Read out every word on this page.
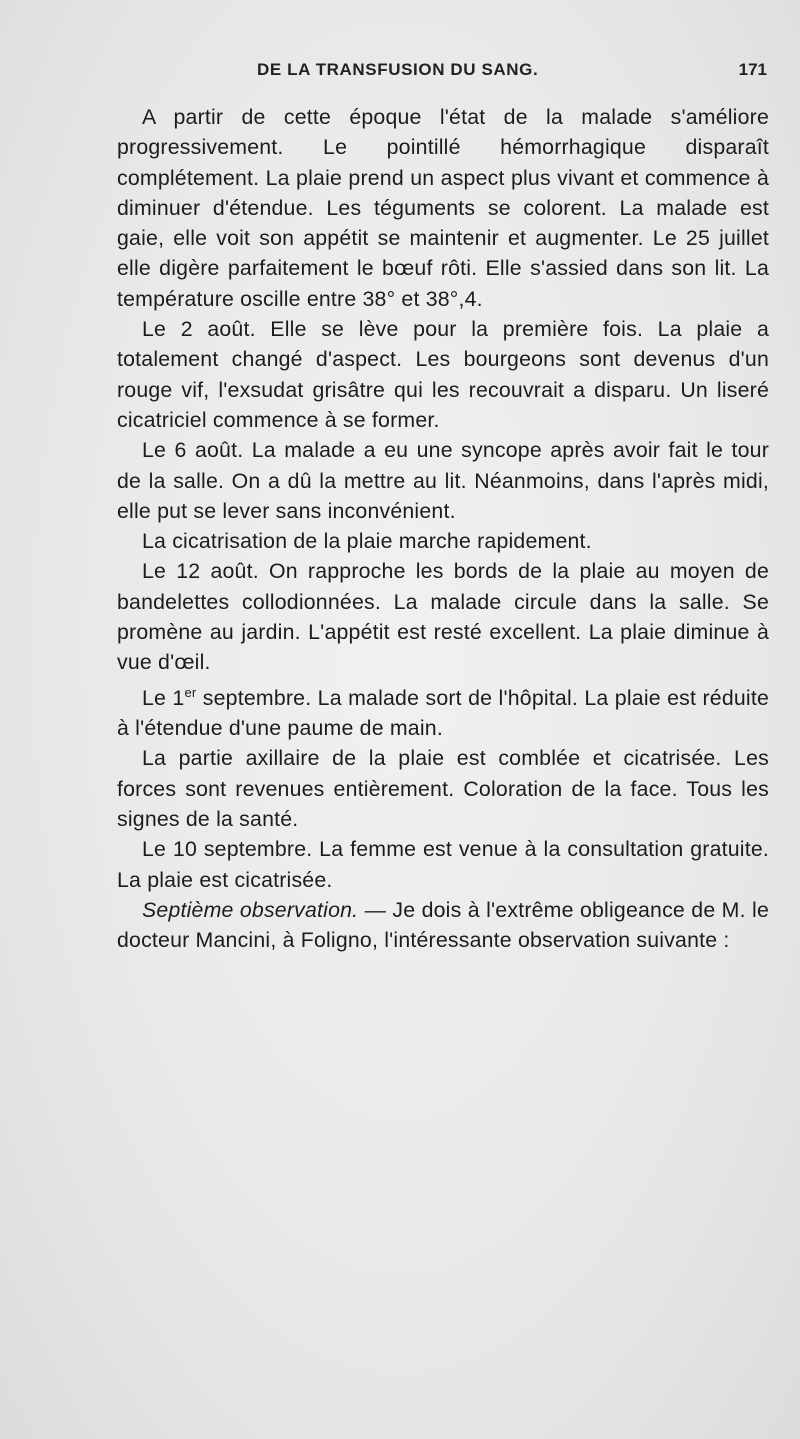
DE LA TRANSFUSION DU SANG.	171

A partir de cette époque l'état de la malade s'améliore progressivement. Le pointillé hémorrhagique disparaît complétement. La plaie prend un aspect plus vivant et commence à diminuer d'étendue. Les téguments se colorent. La malade est gaie, elle voit son appétit se maintenir et augmenter. Le 25 juillet elle digère parfaitement le bœuf rôti. Elle s'assied dans son lit. La température oscille entre 38° et 38°,4.

Le 2 août. Elle se lève pour la première fois. La plaie a totalement changé d'aspect. Les bourgeons sont devenus d'un rouge vif, l'exsudat grisâtre qui les recouvrait a disparu. Un liseré cicatriciel commence à se former.

Le 6 août. La malade a eu une syncope après avoir fait le tour de la salle. On a dû la mettre au lit. Néanmoins, dans l'après midi, elle put se lever sans inconvénient.

La cicatrisation de la plaie marche rapidement.

Le 12 août. On rapproche les bords de la plaie au moyen de bandelettes collodionnées. La malade circule dans la salle. Se promène au jardin. L'appétit est resté excellent. La plaie diminue à vue d'œil.

Le 1er septembre. La malade sort de l'hôpital. La plaie est réduite à l'étendue d'une paume de main.

La partie axillaire de la plaie est comblée et cicatrisée. Les forces sont revenues entièrement. Coloration de la face. Tous les signes de la santé.

Le 10 septembre. La femme est venue à la consultation gratuite. La plaie est cicatrisée.

Septième observation. — Je dois à l'extrême obligeance de M. le docteur Mancini, à Foligno, l'intéressante observation suivante :
